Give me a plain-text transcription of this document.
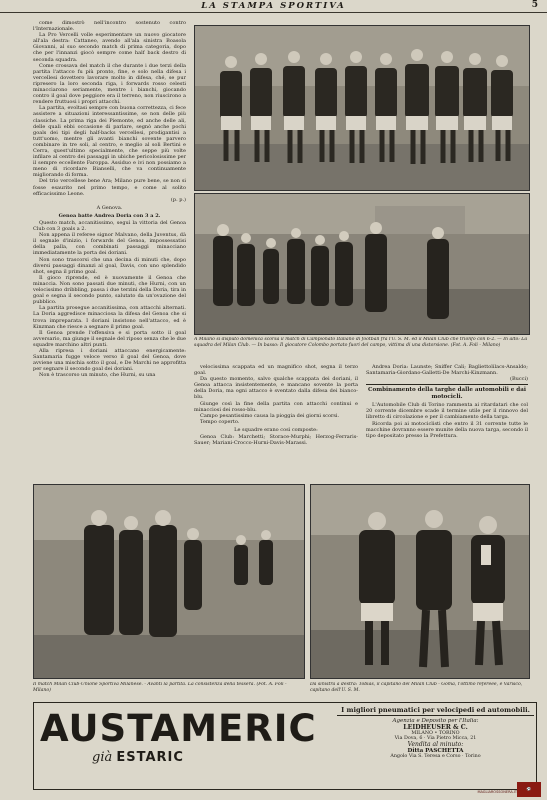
LA STAMPA SPORTIVA	5

come dimostrò nell'incontro sostenuto contro l'Internazionale.

La Pro Vercelli volle esperimentare un nuovo giocatore all'ala destra: Cattaneo, avendo all'ala sinistra Boasola Giovanni, al suo secondo match di prima categoria, dopo che per l'innanzi giocò sempre come half back destro di seconda squadra.

Come crossava del match il che durante i due terzi della partita l'attacco fu più pronto, fine, e solo nella difesa i vercellesi dovettero lavorare molto in difesa, ché, se pur ripresero la loro seconda riga, i forwards rosso celesti minacciarono seriamente, mentre i bianchi, giocando contro il goal dove peggiore era il terreno, non riuscirono a rendere fruttuosi i propri attacchi.

La partita, evoltasi sempre con buona correttezza, ci fece assistere a situazioni interessantissime, se non delle più classiche. La prima riga dei Piemonte, ed anche delle ali, delle quali ebbi occasione di parlare, segnò anche pochi goals dei tipi degli half-backs vercellesi, prodigantisi a tutt'uomo, mentre gli avanti bianchi sovente parvero combinare in tre soli, al centro, e meglio al soli Bertini e Cerra, quest'ultimo specialmente, che seppe più volte infilare al centro dei passaggi in ubiche pericolosissime per il sempre eccellente Faroppa. Assiduo e ivi non possiamo a meno di ricordare Bianselli, che va continuamente migliorando di forma.

Del trio vercellese bene Ara; Milano pure bene, se non si fosse esaurito nel primo tempo, e come al solito efficacissimo Leone.

(p. p.)

A Genova.

Genoa batte Andrea Doria con 3 a 2.

Questo match, accanitissimo, seguì la vittoria del Genoa Club con 3 goals a 2.

Non appena il referee signor Malvano, della Juventus, dà il segnale d'inizio, i forwards del Genoa, impossessatisi della palla, con combinati passaggi minacciano immediatamente la porta dei doriani.

Non sono trascorsi che una decina di minuti che, dopo diversi passaggi dinanzi al goal, Davis, con uno splendido shot, segna il primo goal.

Il gioco riprende, ed è nuovamente il Genoa che minaccia. Non sono passati due minuti, che Hurni, con un velocissimo dribbling, passa i due terzini della Doria, tira in goal e segna il secondo punto, salutato da un'ovazione del pubblico.

La partita prosegue accanitissima, con attacchi alternati. La Doria aggredisce minacciosa la difesa del Genoa che si trova impreparata. I doriani insistono nell'attacco, ed è Kinzman che riesce a segnare il primo goal.

Il Genoa prende l'offensiva e si porta sotto il goal avversario, ma giunge il segnale del riposo senza che le due squadre marchino altri punti.

Alla ripresa i doriani attaccano energicamente: Santamaria fugge veloce verso il goal del Genoa, dove avviene una mischia sotto il goal, e De Marchi ne approfitta per segnare il secondo goal dei doriani.

Non è trascorso un minuto, che Hurni, su una

A Milano si disputò domenica scorsa il match di Campionato Italiano di football fra l'U. S. M. ed il Milan Club che trionfò con 6-2. — In alto: La squadra del Milan Club. — In basso: Il giocatore Colombo portato fuori del campo, vittima di una distorsione. (Fot. A. Foli - Milano)

velocissima scappata ed un magnifico shot, segna il terzo goal.

Da questo momento, salvo qualche scappata dei doriani, il Genoa attacca insistentemente, e mancano sovente la porta della Doria, ma ogni attacco è sventato dalla difesa dei bianco-blu.

Giunge così la fine della partita con attacchi continui e minacciosi dei rosso-blu.

Campo pesantissimo causa la pioggia dei giorni scorsi.

Tempo coperto.

Le squadre erano così composte:

Genoa Club: Marchetti; Storace-Murphi; Herzog-Ferraris-Sauer; Mariani-Crocco-Hurni-Davis-Marassi.

Andrea Doria: Launste; Sniffer Cali; Bagliettolilacs-Ansaldo; Santamaria-Giordano-Galletti-De Marchi-Kinzmann.

(Bucci)

Combinamento della targhe dalle automobili e dai motocicli.

L'Automobile Club di Torino rammenta ai ritardatari che col 20 corrente dicembre scade il termine utile per il rinnovo del libretto di circolazione e per il cambiamento della targa.

Ricorda poi ai motociclisti che entro il 31 corrente tutte le macchine dovranno essere munite della nuova targa, secondo il tipo depositato presso la Prefettura.

Il match Milan Club-Unione Sportiva Milanese. - Avanti la partita. La consistenza della tessera. (Fot. A. Foli - Milano)
Da sinistra a destra: Tobias, il capitano del Milan Club - Goma, l'ottimo refereee, e Varisco, capitano dell'U. S. M.
AUSTAMERIC
già ESTARIC
I migliori pneumatici per velocipedi ed automobili.
Agenzia e Deposito per l'Italia:
LEIDHEUSER & C.
MILANO • TORINO
Via Dova, 6 · Via Pietro Micca, 21
Vendita al minuto:
Ditta PASCHETTA
Angolo Via S. Teresa e Corso · Torino
MAGLIAROSSONERA.IT
⚽
